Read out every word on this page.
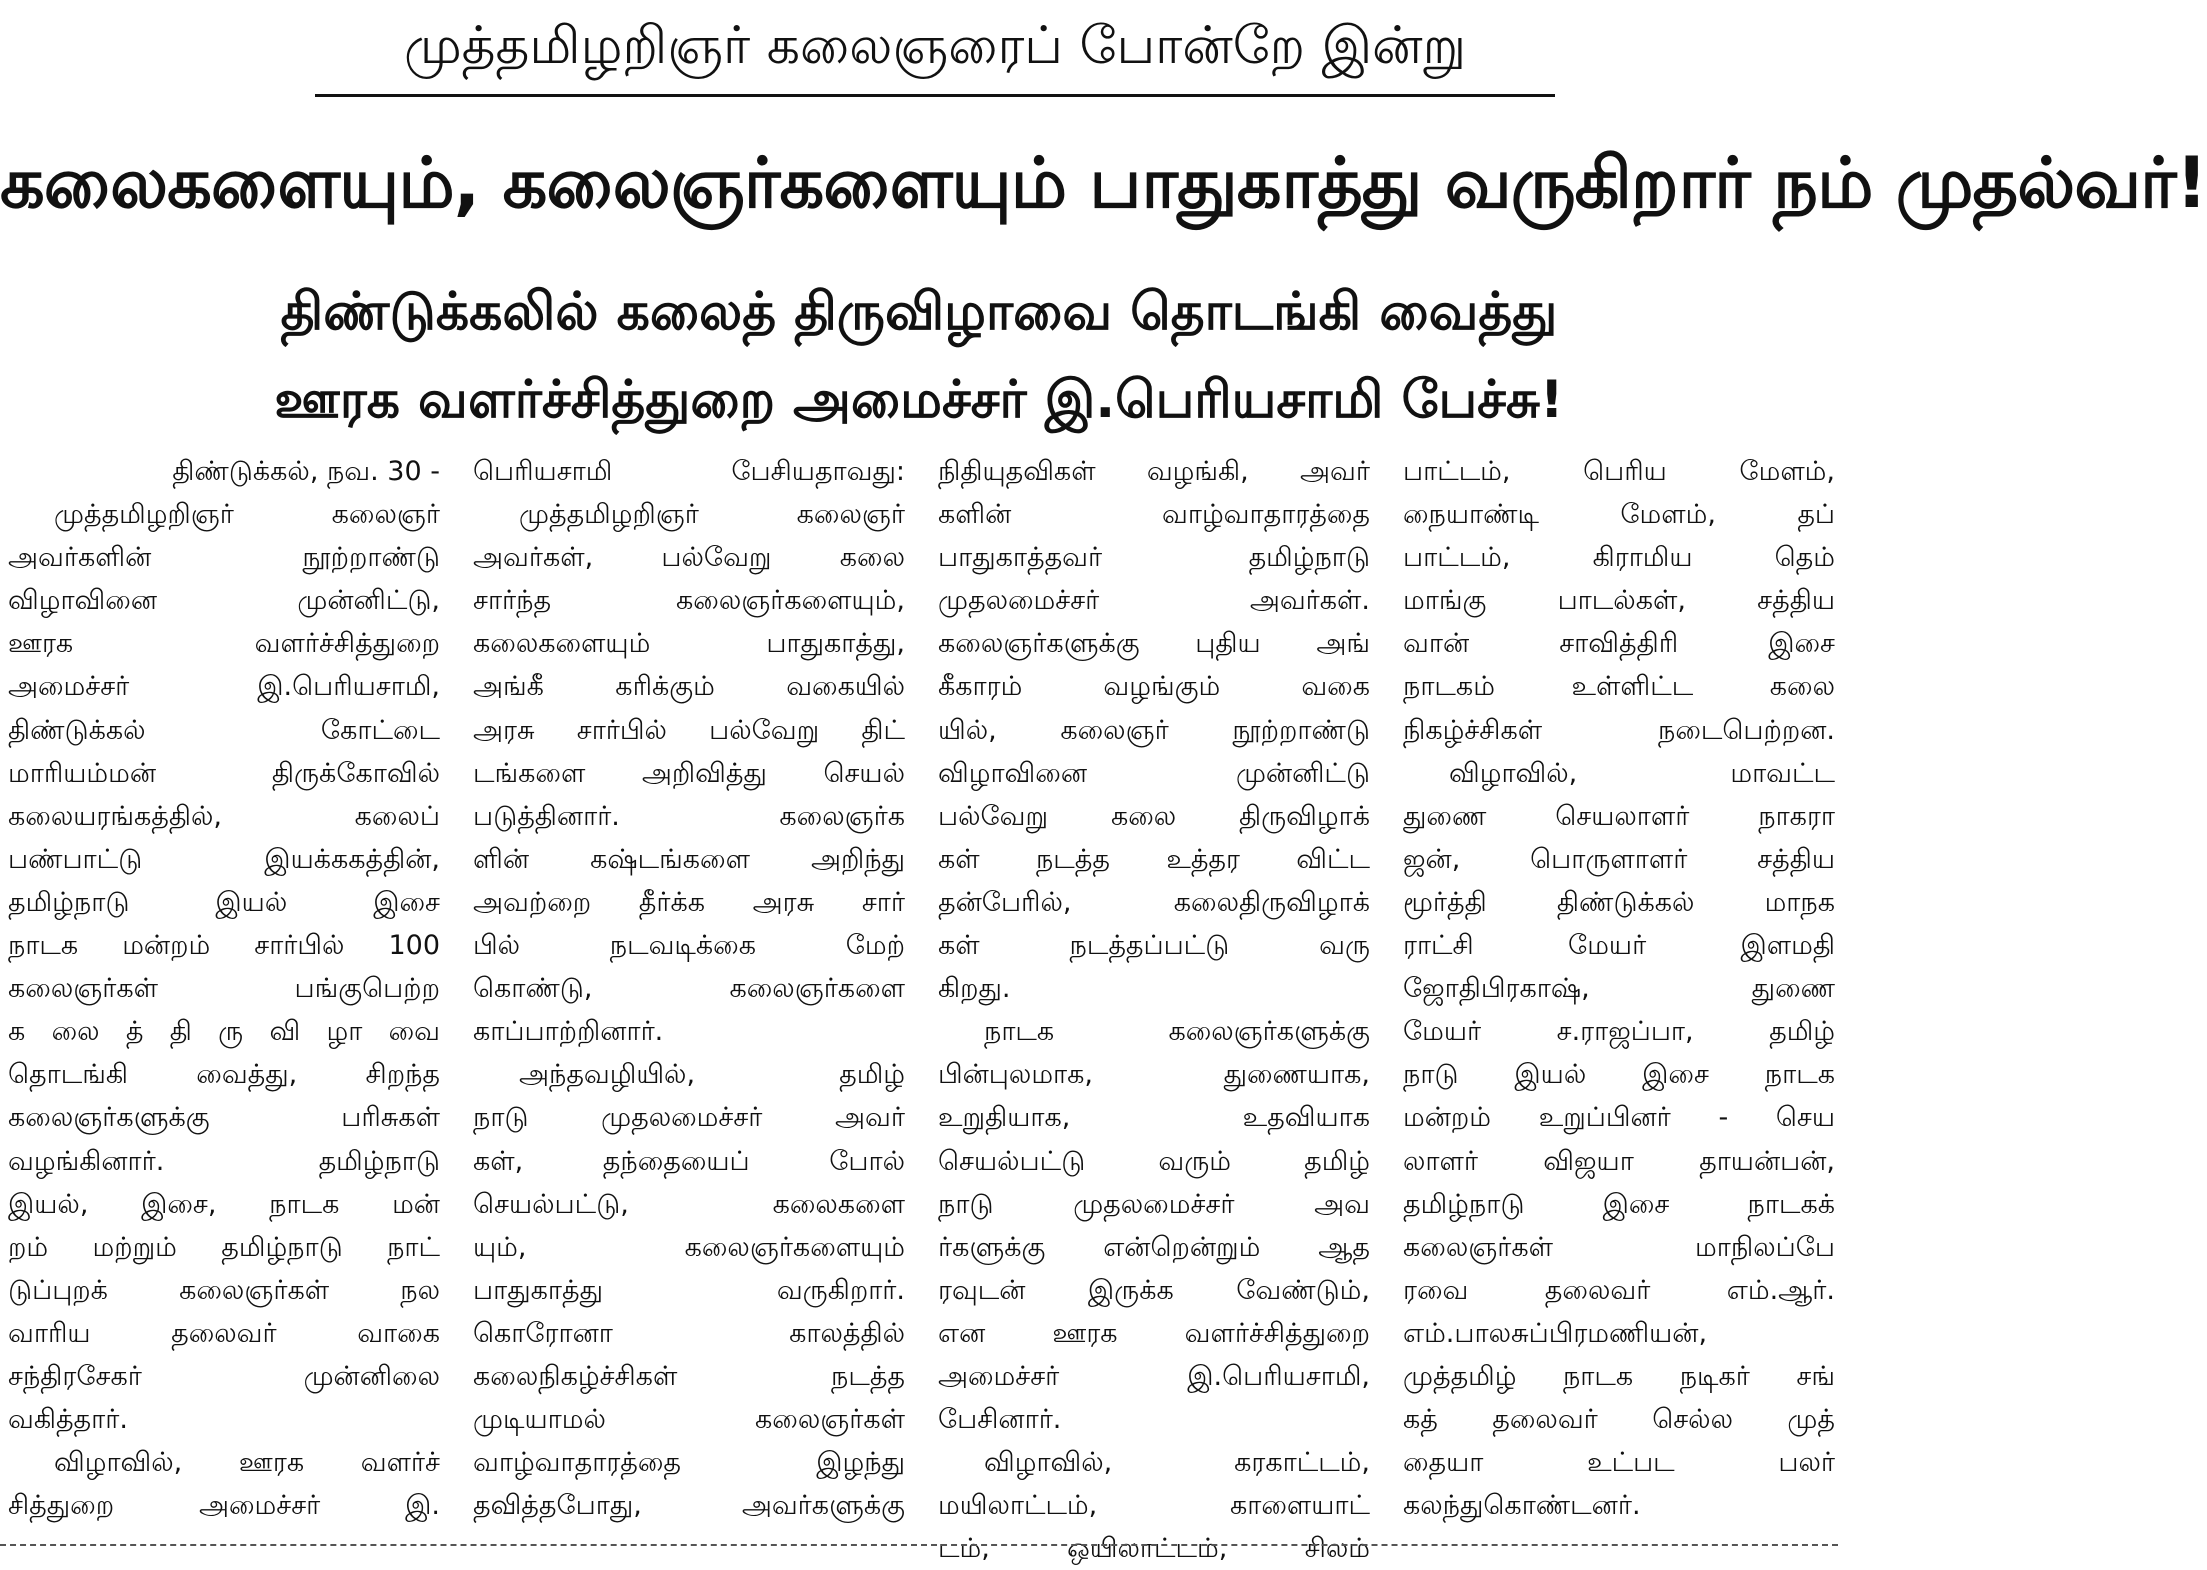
முத்தமிழறிஞர் கலைஞரைப் போன்றே இன்று
கலைகளையும், கலைஞர்களையும் பாதுகாத்து வருகிறார் நம் முதல்வர்!
திண்டுக்கலில் கலைத் திருவிழாவை தொடங்கி வைத்து
ஊரக வளர்ச்சித்துறை அமைச்சர் இ.பெரியசாமி பேச்சு!
திண்டுக்கல், நவ. 30 -
முத்தமிழறிஞர் கலைஞர்
அவர்களின் நூற்றாண்டு
விழாவினை முன்னிட்டு,
ஊரக வளர்ச்சித்துறை
அமைச்சர் இ.பெரியசாமி,
திண்டுக்கல் கோட்டை
மாரியம்மன் திருக்கோவில்
கலையரங்கத்தில், கலைப்
பண்பாட்டு இயக்ககத்தின்,
தமிழ்நாடு இயல் இசை
நாடக மன்றம் சார்பில் 100
கலைஞர்கள் பங்குபெற்ற
க லை த் தி ரு வி ழா வை
தொடங்கி வைத்து, சிறந்த
கலைஞர்களுக்கு பரிசுகள்
வழங்கினார். தமிழ்நாடு
இயல், இசை, நாடக மன்
றம் மற்றும் தமிழ்நாடு நாட்
டுப்புறக் கலைஞர்கள் நல
வாரிய தலைவர் வாகை
சந்திரசேகர் முன்னிலை
வகித்தார்.
விழாவில், ஊரக வளர்ச்
சித்துறை அமைச்சர் இ.
பெரியசாமி பேசியதாவது:
முத்தமிழறிஞர் கலைஞர்
அவர்கள், பல்வேறு கலை
சார்ந்த கலைஞர்களையும்,
கலைகளையும் பாதுகாத்து,
அங்கீ கரிக்கும் வகையில்
அரசு சார்பில் பல்வேறு திட்
டங்களை அறிவித்து செயல்
படுத்தினார். கலைஞர்க
ளின் கஷ்டங்களை அறிந்து
அவற்றை தீர்க்க அரசு சார்
பில் நடவடிக்கை மேற்
கொண்டு, கலைஞர்களை
காப்பாற்றினார்.
அந்தவழியில், தமிழ்
நாடு முதலமைச்சர் அவர்
கள், தந்தையைப் போல்
செயல்பட்டு, கலைகளை
யும், கலைஞர்களையும்
பாதுகாத்து வருகிறார்.
கொரோனா காலத்தில்
கலைநிகழ்ச்சிகள் நடத்த
முடியாமல் கலைஞர்கள்
வாழ்வாதாரத்தை இழந்து
தவித்தபோது, அவர்களுக்கு
நிதியுதவிகள் வழங்கி, அவர்
களின் வாழ்வாதாரத்தை
பாதுகாத்தவர் தமிழ்நாடு
முதலமைச்சர் அவர்கள்.
கலைஞர்களுக்கு புதிய அங்
கீகாரம் வழங்கும் வகை
யில், கலைஞர் நூற்றாண்டு
விழாவினை முன்னிட்டு
பல்வேறு கலை திருவிழாக்
கள் நடத்த உத்தர விட்ட
தன்பேரில், கலைதிருவிழாக்
கள் நடத்தப்பட்டு வரு
கிறது.
நாடக கலைஞர்களுக்கு
பின்புலமாக, துணையாக,
உறுதியாக, உதவியாக
செயல்பட்டு வரும் தமிழ்
நாடு முதலமைச்சர் அவ
ர்களுக்கு என்றென்றும் ஆத
ரவுடன் இருக்க வேண்டும்,
என ஊரக வளர்ச்சித்துறை
அமைச்சர் இ.பெரியசாமி,
பேசினார்.
விழாவில், கரகாட்டம்,
மயிலாட்டம், காளையாட்
டம், ஒயிலாட்டம், சிலம்
பாட்டம், பெரிய மேளம்,
நையாண்டி மேளம், தப்
பாட்டம், கிராமிய தெம்
மாங்கு பாடல்கள், சத்திய
வான் சாவித்திரி இசை
நாடகம் உள்ளிட்ட கலை
நிகழ்ச்சிகள் நடைபெற்றன.
விழாவில், மாவட்ட
துணை செயலாளர் நாகரா
ஜன், பொருளாளர் சத்திய
மூர்த்தி திண்டுக்கல் மாநக
ராட்சி மேயர் இளமதி
ஜோதிபிரகாஷ், துணை
மேயர் ச.ராஜப்பா, தமிழ்
நாடு இயல் இசை நாடக
மன்றம் உறுப்பினர் - செய
லாளர் விஜயா தாயன்பன்,
தமிழ்நாடு இசை நாடகக்
கலைஞர்கள் மாநிலப்பே
ரவை தலைவர் எம்.ஆர்.
எம்.பாலசுப்பிரமணியன்,
முத்தமிழ் நாடக நடிகர் சங்
கத் தலைவர் செல்ல முத்
தையா உட்பட பலர்
கலந்துகொண்டனர்.
